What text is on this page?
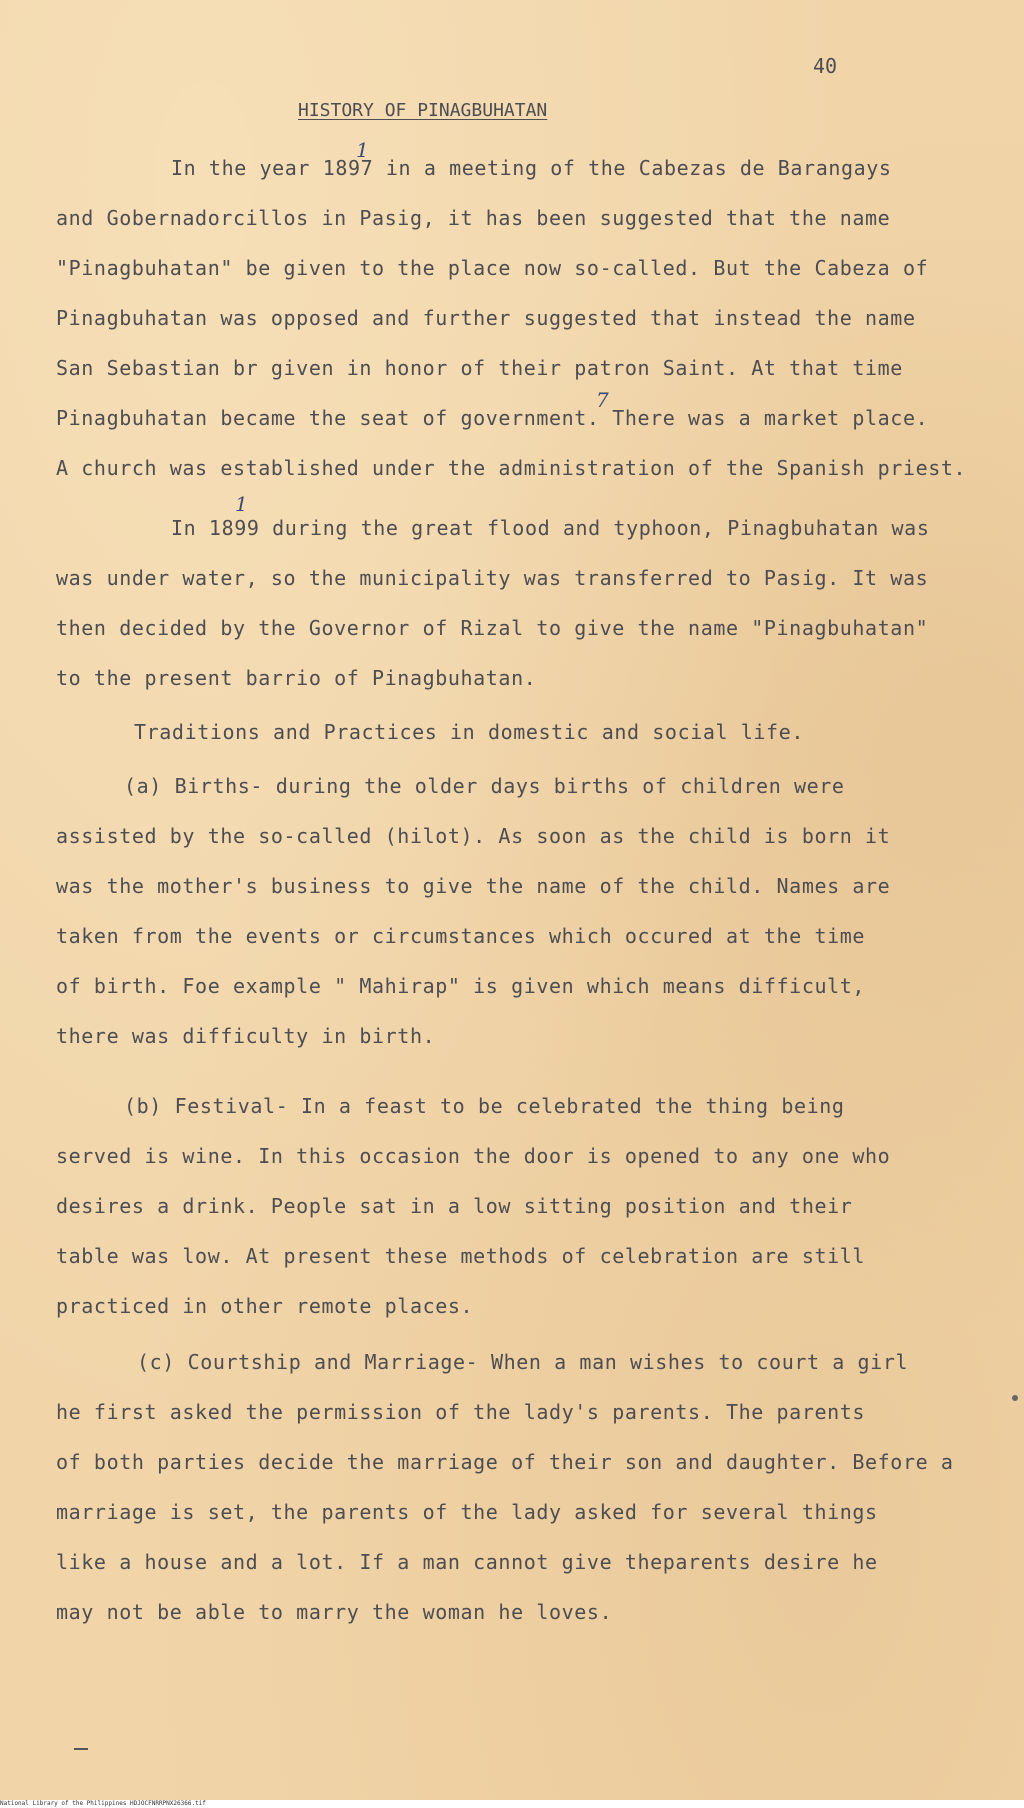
40
HISTORY OF PINAGBUHATAN
1
7
1

In the year 1897 in a meeting of the Cabezas de Barangays

and Gobernadorcillos in Pasig, it has been suggested that the name

"Pinagbuhatan" be given to the place now so-called. But the Cabeza of

Pinagbuhatan was opposed and further suggested that instead the name

San Sebastian br given in honor of their patron Saint. At that time

Pinagbuhatan became the seat of government. There was a market place.

A church was established under the administration of the Spanish priest.

In 1899 during the great flood and typhoon, Pinagbuhatan was

was under water, so the municipality was transferred to Pasig. It was

then decided by the Governor of Rizal to give the name "Pinagbuhatan"

to the present barrio of Pinagbuhatan.

Traditions and Practices in domestic and social life.

(a) Births- during the older days births of children were

assisted by the so-called (hilot). As soon as the child is born it

was the mother's business to give the name of the child. Names are

taken from the events or circumstances which occured at the time

of birth. Foe example " Mahirap" is given which means difficult,

there was difficulty in birth.

(b) Festival- In a feast to be celebrated the thing being

served is wine. In this occasion the door is opened to any one who

desires a drink. People sat in a low sitting position and their

table was low. At present these methods of celebration are still

practiced in other remote places.

(c) Courtship and Marriage- When a man wishes to court a girl

he first asked the permission of the lady's parents. The parents

of both parties decide the marriage of their son and daughter. Before a

marriage is set, the parents of the lady asked for several things

like a house and a lot. If a man cannot give theparents desire he

may not be able to marry the woman he loves.

National Library of the Philippines HDJOCFNRRPNX26366.tif
